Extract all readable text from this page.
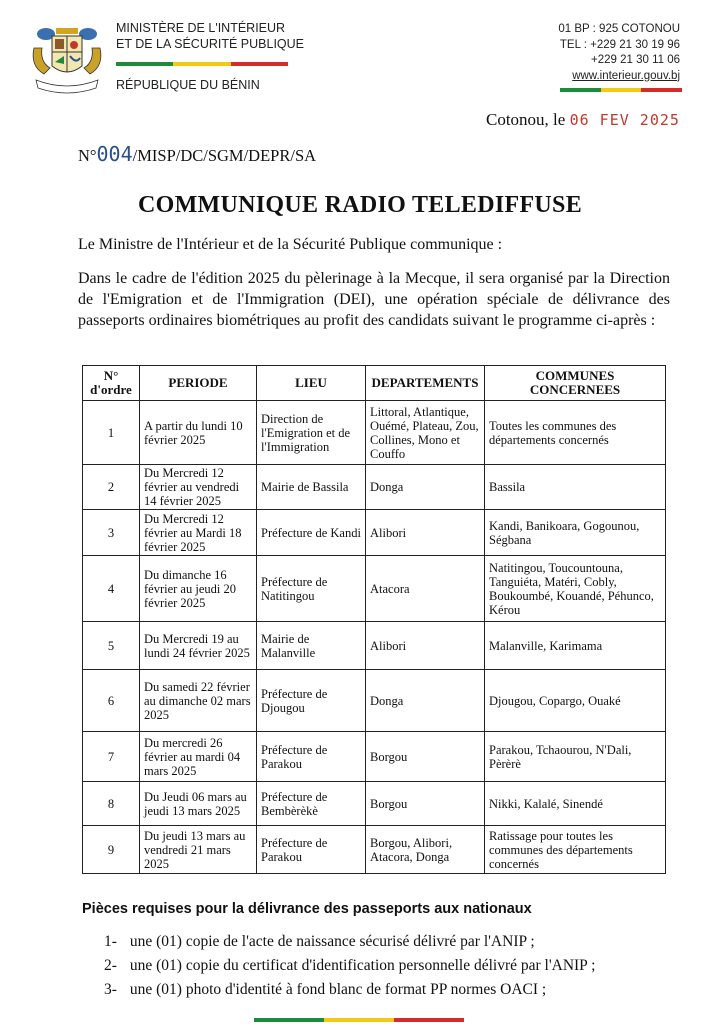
MINISTÈRE DE L'INTÉRIEUR
ET DE LA SÉCURITÉ PUBLIQUE
RÉPUBLIQUE DU BÉNIN
01 BP : 925 COTONOU
TEL : +229 21 30 19 96
+229 21 30 11 06
www.interieur.gouv.bj
Cotonou, le 06 FEV 2025
N°004/MISP/DC/SGM/DEPR/SA
COMMUNIQUE RADIO TELEDIFFUSE
Le Ministre de l'Intérieur et de la Sécurité Publique communique :
Dans le cadre de l'édition 2025 du pèlerinage à la Mecque, il sera organisé par la Direction de l'Emigration et de l'Immigration (DEI), une opération spéciale de délivrance des passeports ordinaires biométriques au profit des candidats suivant le programme ci-après :
N° d'ordre	PERIODE	LIEU	DEPARTEMENTS	COMMUNES CONCERNEES
1	A partir du lundi 10 février 2025	Direction de l'Emigration et de l'Immigration	Littoral, Atlantique, Ouémé, Plateau, Zou, Collines, Mono et Couffo	Toutes les communes des départements concernés
2	Du Mercredi 12 février au vendredi 14 février 2025	Mairie de Bassila	Donga	Bassila
3	Du Mercredi 12 février au Mardi 18 février 2025	Préfecture de Kandi	Alibori	Kandi, Banikoara, Gogounou, Ségbana
4	Du dimanche 16 février au jeudi 20 février 2025	Préfecture de Natitingou	Atacora	Natitingou, Toucountouna, Tanguiéta, Matéri, Cobly, Boukoumbé, Kouandé, Péhunco, Kérou
5	Du Mercredi 19 au lundi 24 février 2025	Mairie de Malanville	Alibori	Malanville, Karimama
6	Du samedi 22 février au dimanche 02 mars 2025	Préfecture de Djougou	Donga	Djougou, Copargo, Ouaké
7	Du mercredi 26 février au mardi 04 mars 2025	Préfecture de Parakou	Borgou	Parakou, Tchaourou, N'Dali, Pèrèrè
8	Du Jeudi 06 mars au jeudi 13 mars 2025	Préfecture de Bembèrèkè	Borgou	Nikki, Kalalé, Sinendé
9	Du jeudi 13 mars au vendredi 21 mars 2025	Préfecture de Parakou	Borgou, Alibori, Atacora, Donga	Ratissage pour toutes les communes des départements concernés
Pièces requises pour la délivrance des passeports aux nationaux
1- une (01) copie de l'acte de naissance sécurisé délivré par l'ANIP ;
2- une (01) copie du certificat d'identification personnelle délivré par l'ANIP ;
3- une (01) photo d'identité à fond blanc de format PP normes OACI ;
